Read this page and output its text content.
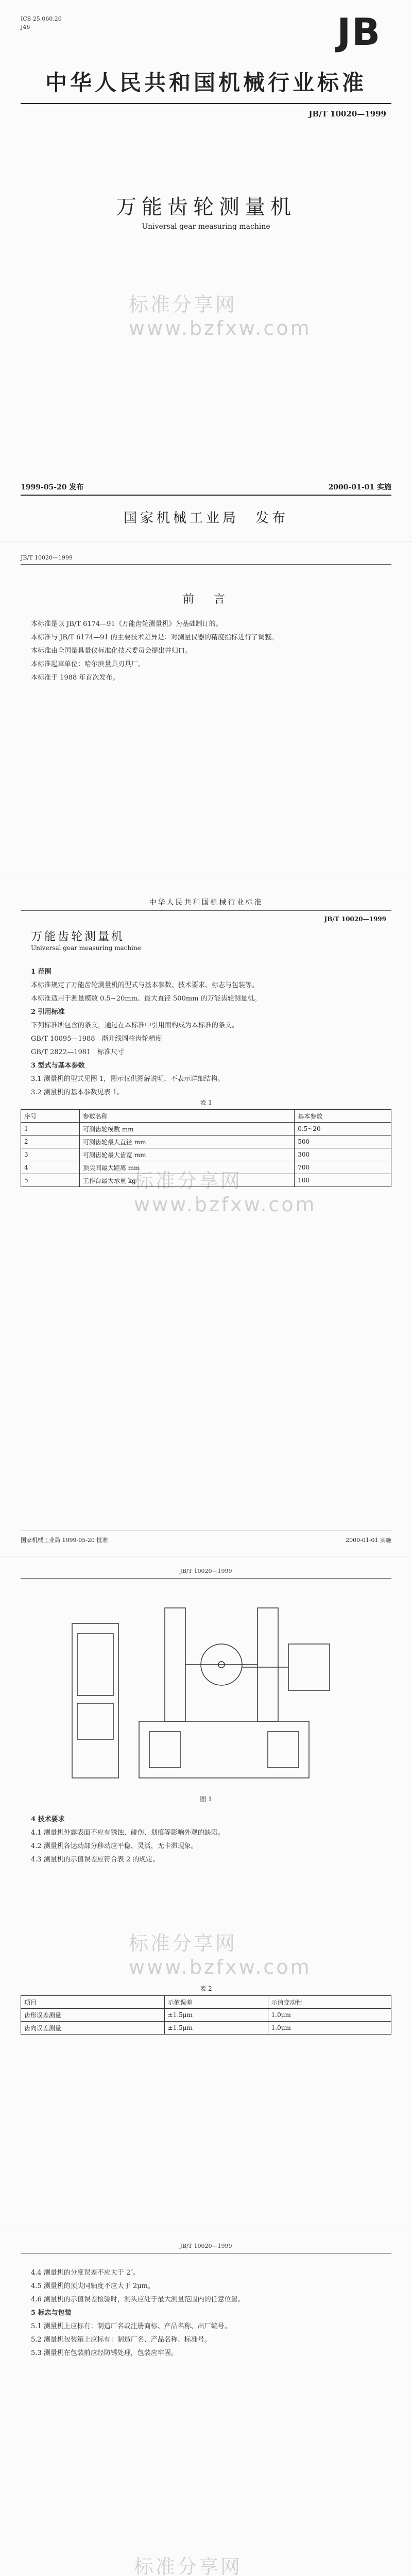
ICS 25.060.20
J46	JB
中华人民共和国机械行业标准
JB/T 10020—1999
万能齿轮测量机
Universal gear measuring machine
标准分享网 www.bzfxw.com
1999-05-20 发布	2000-01-01 实施
国家机械工业局　发布
JB/T 10020—1999
前　言

本标准是以 JB/T 6174—91《万能齿轮测量机》为基础制订的。

本标准与 JB/T 6174—91 的主要技术差异是：对测量仪器的精度指标进行了调整。

本标准由全国量具量仪标准化技术委员会提出并归口。

本标准起草单位：哈尔滨量具刃具厂。

本标准于 1988 年首次发布。

中华人民共和国机械行业标准
JB/T 10020—1999
万能齿轮测量机
Universal gear measuring machine

1 范围

本标准规定了万能齿轮测量机的型式与基本参数、技术要求、标志与包装等。

本标准适用于测量模数 0.5~20mm、最大直径 500mm 的万能齿轮测量机。

2 引用标准

下列标准所包含的条文，通过在本标准中引用而构成为本标准的条文。

GB/T 10095—1988　渐开线圆柱齿轮精度

GB/T 2822—1981　标准尺寸

3 型式与基本参数

3.1 测量机的型式见图 1，图示仅供图解说明，不表示详细结构。

3.2 测量机的基本参数见表 1。

标准分享网 www.bzfxw.com
表 1
序号	参数名称	基本参数
1	可测齿轮模数 mm	0.5~20
2	可测齿轮最大直径 mm	500
3	可测齿轮最大齿宽 mm	300
4	顶尖间最大距离 mm	700
5	工作台最大承重 kg	100
国家机械工业局 1999-05-20 批准	2000-01-01 实施
JB/T 10020—1999
图 1

4 技术要求

4.1 测量机外露表面不应有锈蚀、碰伤、划痕等影响外观的缺陷。

4.2 测量机各运动部分移动应平稳、灵活，无卡滞现象。

4.3 测量机的示值误差应符合表 2 的规定。

标准分享网 www.bzfxw.com
表 2
项目	示值误差	示值变动性
齿形误差测量	±1.5μm	1.0μm
齿向误差测量	±1.5μm	1.0μm
JB/T 10020—1999

4.4 测量机的分度误差不应大于 2″。

4.5 测量机的顶尖同轴度不应大于 2μm。

4.6 测量机的示值误差检验时，测头应处于最大测量范围内的任意位置。

5 标志与包装

5.1 测量机上应标有：制造厂名或注册商标、产品名称、出厂编号。

5.2 测量机包装箱上应标有：制造厂名、产品名称、标准号。

5.3 测量机在包装前应经防锈处理，包装应牢固。

标准分享网
